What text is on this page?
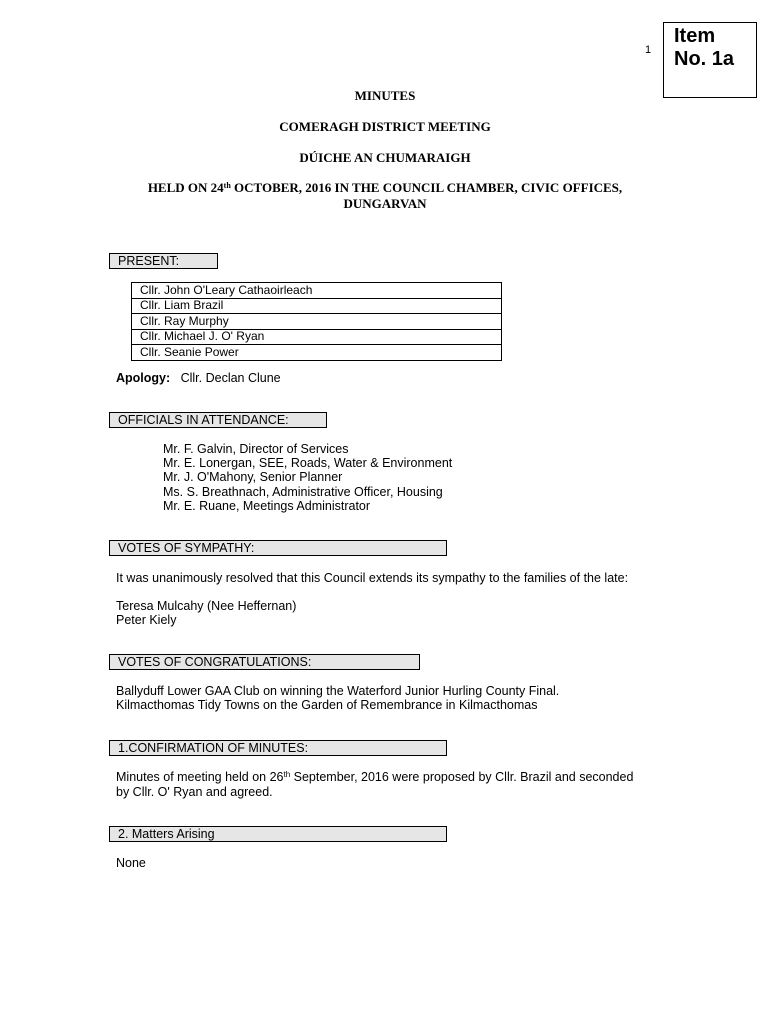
1
Item
No. 1a
MINUTES
COMERAGH DISTRICT MEETING
DÚICHE AN CHUMARAIGH
HELD ON 24th OCTOBER, 2016 IN THE COUNCIL CHAMBER, CIVIC OFFICES,
DUNGARVAN
PRESENT:
Cllr. John O'Leary Cathaoirleach
Cllr. Liam Brazil
Cllr. Ray Murphy
Cllr. Michael J. O' Ryan
Cllr. Seanie Power
Apology: Cllr. Declan Clune
OFFICIALS IN ATTENDANCE:
Mr. F. Galvin, Director of Services
Mr. E. Lonergan, SEE, Roads, Water & Environment
Mr. J. O'Mahony, Senior Planner
Ms. S. Breathnach, Administrative Officer, Housing
Mr. E. Ruane, Meetings Administrator
VOTES OF SYMPATHY:
It was unanimously resolved that this Council extends its sympathy to the families of the late:
Teresa Mulcahy (Nee Heffernan)
Peter Kiely
VOTES OF CONGRATULATIONS:
Ballyduff Lower GAA Club on winning the Waterford Junior Hurling County Final.
Kilmacthomas Tidy Towns on the Garden of Remembrance in Kilmacthomas
1.CONFIRMATION OF MINUTES:
Minutes of meeting held on 26th September, 2016 were proposed by Cllr. Brazil and seconded
by Cllr. O' Ryan and agreed.
2. Matters Arising
None
